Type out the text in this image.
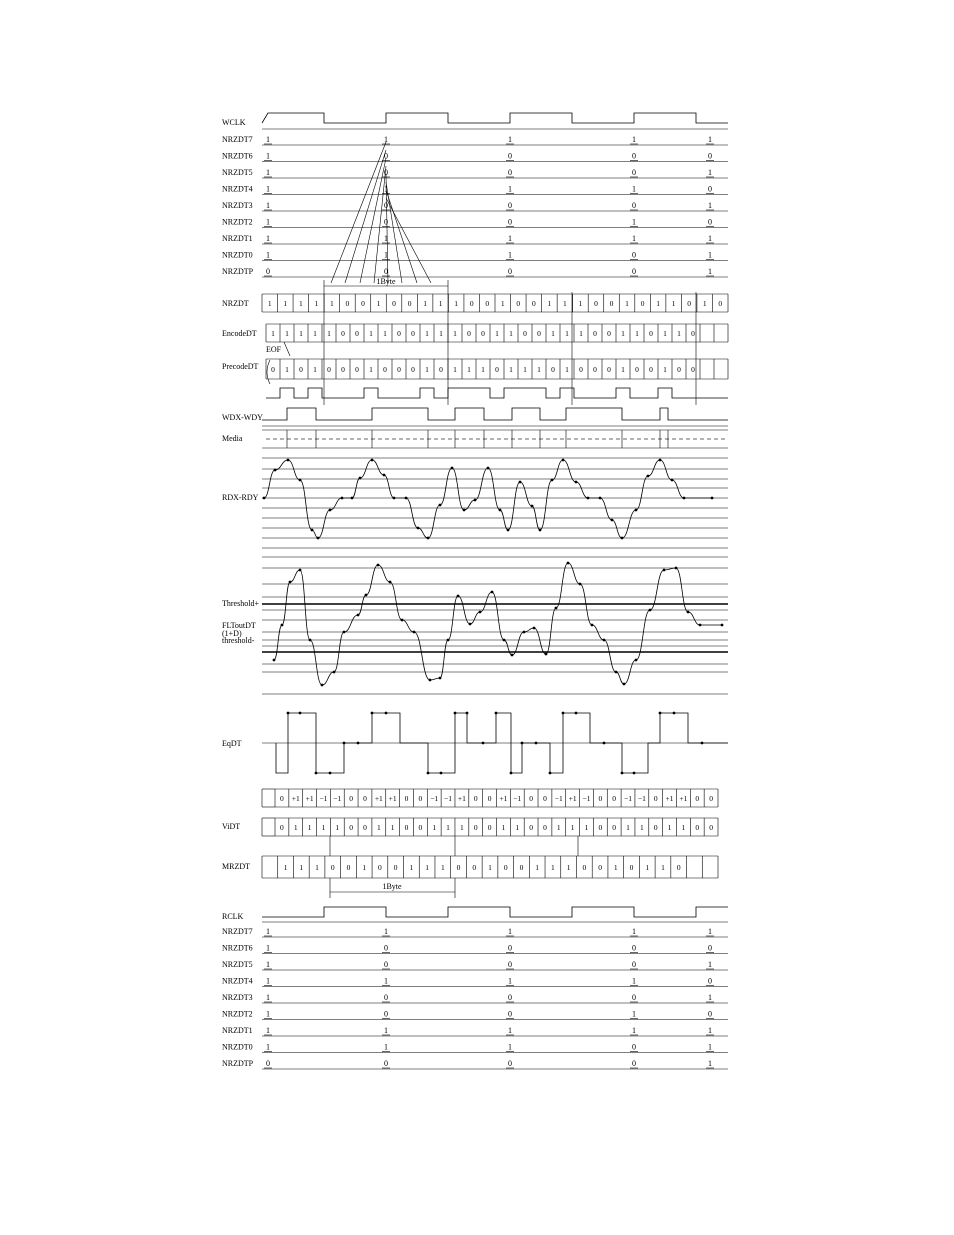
WCLK
NRZDT7 1	1	1	1	1
NRZDT6 1	0	0	0	0
NRZDT5 1	0	0	0	1
NRZDT4 1	1	1	1	0
NRZDT3 1	0	0	0	1
NRZDT2 1	0	0	1	0
NRZDT1 1	1	1	1	1
NRZDT0 1	1	1	0	1
NRZDTP 0	0	0	0	1
1Byte
NRZDT	1 1 1 1 1 0 0 1 0 0 1 1 1 0 0 1 0 0 1 1 1 0 0 1 0 1 1 0 1 0
EncodeDT 1 1 1 1 1 0 0 1 1 0 0 1 1 1 0 0 1 1 0 0 1 1 1 0 0 1 1 0 1 1 0
EOF
PrecodeDT 0 1 0 1 0 0 0 1 0 0 0 1 0 1 1 1 0 1 1 1 0 1 0 0 0 1 0 0 1 0 0
WDX-WDY
Media
RDX-RDY
Threshold+
FLToutDT
(1+D)
threshold-
EqDT
0 +1 +1 −1 −1 0 0 +1 +1 0 0 −1 −1 +1 0 0 +1 −1 0 0 −1 +1 −1 0 0 −1 −1 0 +1 +1 0 0
ViDT	0 1 1 1 1 0 0 1 1 0 0 1 1 1 0 0 1 1 0 0 1 1 1 0 0 1 1 0 1 1 0 0
MRZDT	1 1 1 0 0 1 0 0 1 1 1 0 0 1 0 0 1 1 1 0 0 1 0 1 1 0
1Byte
RCLK
NRZDT7 1	1	1	1	1
NRZDT6 1	0	0	0	0
NRZDT5 1	0	0	0	1
NRZDT4 1	1	1	1	0
NRZDT3 1	0	0	0	1
NRZDT2 1	0	0	1	0
NRZDT1 1	1	1	1	1
NRZDT0 1	1	1	0	1
NRZDTP 0	0	0	0	1
